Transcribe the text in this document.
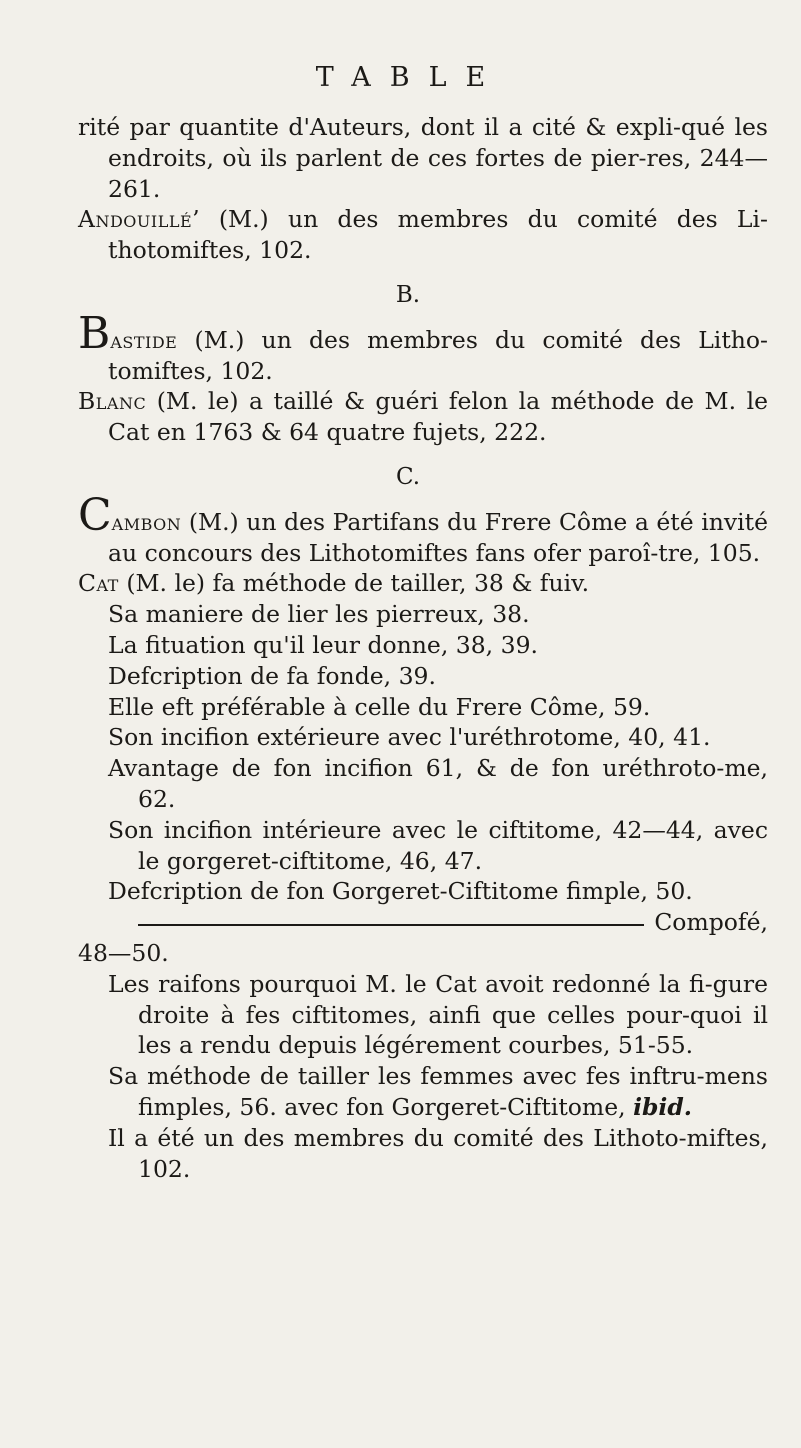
TABLE

rité par quantite d'Auteurs, dont il a cité & expli-qué les endroits, où ils parlent de ces fortes de pier-res, 244—261.

Andouillé’ (M.) un des membres du comité des Li-thotomiftes, 102.

B.

Bastide (M.) un des membres du comité des Litho-tomiftes, 102.

Blanc (M. le) a taillé & guéri felon la méthode de M. le Cat en 1763 & 64 quatre fujets, 222.

C.

Cambon (M.) un des Partifans du Frere Côme a été invité au concours des Lithotomiftes fans ofer paroî-tre, 105.

Cat (M. le) fa méthode de tailler, 38 & fuiv.

Sa maniere de lier les pierreux, 38.

La fituation qu'il leur donne, 38, 39.

Defcription de fa fonde, 39.

Elle eft préférable à celle du Frere Côme, 59.

Son incifion extérieure avec l'uréthrotome, 40, 41.

Avantage de fon incifion 61, & de fon uréthroto-me, 62.

Son incifion intérieure avec le ciftitome, 42—44, avec le gorgeret-ciftitome, 46, 47.

Defcription de fon Gorgeret-Ciftitome fimple, 50.

Compofé,

48—50.

Les raifons pourquoi M. le Cat avoit redonné la fi-gure droite à fes ciftitomes, ainfi que celles pour-quoi il les a rendu depuis légérement courbes, 51-55.

Sa méthode de tailler les femmes avec fes inftru-mens fimples, 56. avec fon Gorgeret-Ciftitome, ibid.

Il a été un des membres du comité des Lithoto-miftes, 102.
